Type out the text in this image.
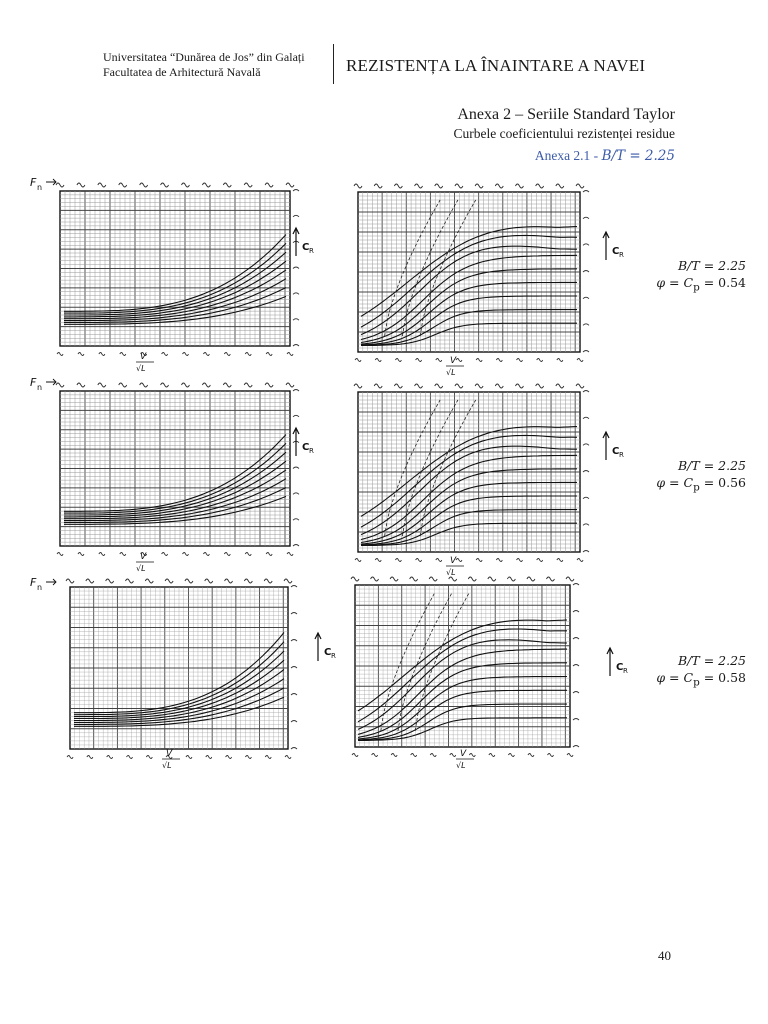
Universitatea “Dunărea de Jos” din Galați
Facultatea de Arhitectură Navală	REZISTENȚA LA ÎNAINTARE A NAVEI
Anexa 2 – Seriile Standard Taylor
Curbele coeficientului rezistenței residue
Anexa 2.1 - B/T = 2.25
F n
V
√L
C R
V
√L
C R
F n
V
√L
C R
V
√L
C R
F n
V
√L
C R
V
√L
C R
B/T = 2.25
$\varphi = C_p = 0.54$
B/T = 2.25
$\varphi = C_p = 0.56$
B/T = 2.25
$\varphi = C_p = 0.58$
40
